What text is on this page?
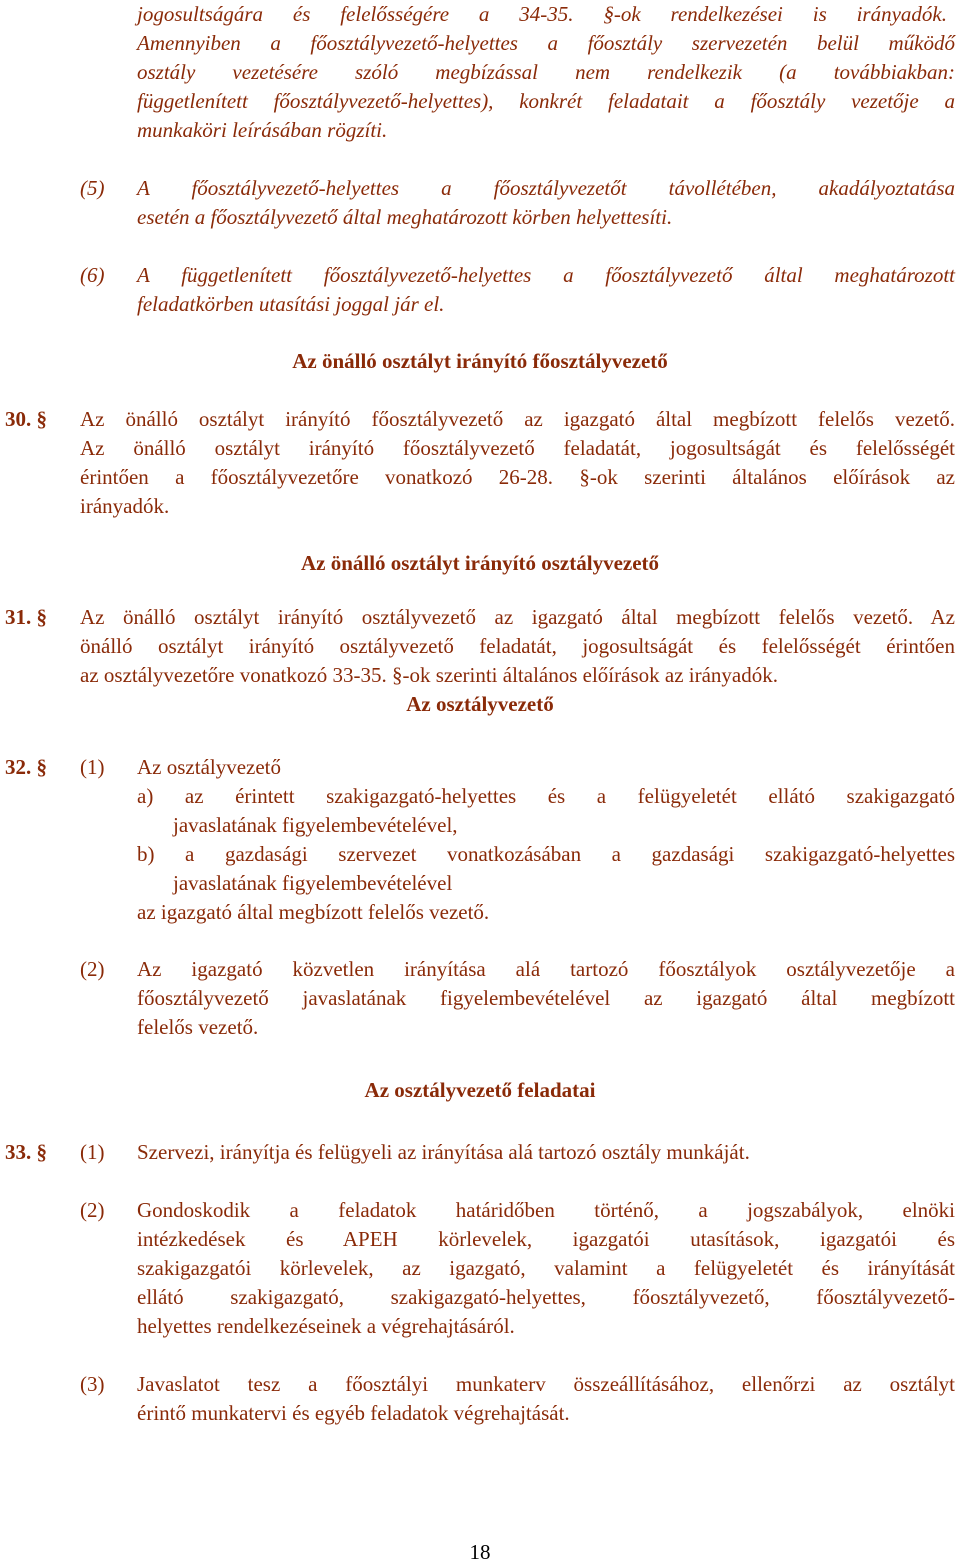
jogosultságára és felelősségére a 34-35. §-ok rendelkezései is irányadók.
Amennyiben a főosztályvezető-helyettes a főosztály szervezetén belül működő
osztály vezetésére szóló megbízással nem rendelkezik (a továbbiakban:
függetlenített főosztályvezető-helyettes), konkrét feladatait a főosztály vezetője a
munkaköri leírásában rögzíti.
(5) A főosztályvezető-helyettes a főosztályvezetőt távollétében, akadályoztatása
esetén a főosztályvezető által meghatározott körben helyettesíti.
(6) A függetlenített főosztályvezető-helyettes a főosztályvezető által meghatározott
feladatkörben utasítási joggal jár el.
Az önálló osztályt irányító főosztályvezető
30. § Az önálló osztályt irányító főosztályvezető az igazgató által megbízott felelős vezető.
Az önálló osztályt irányító főosztályvezető feladatát, jogosultságát és felelősségét
érintően a főosztályvezetőre vonatkozó 26-28. §-ok szerinti általános előírások az
irányadók.
Az önálló osztályt irányító osztályvezető
31. § Az önálló osztályt irányító osztályvezető az igazgató által megbízott felelős vezető. Az
önálló osztályt irányító osztályvezető feladatát, jogosultságát és felelősségét érintően
az osztályvezetőre vonatkozó 33-35. §-ok szerinti általános előírások az irányadók.
Az osztályvezető
32. § (1) Az osztályvezető
a) az érintett szakigazgató-helyettes és a felügyeletét ellátó szakigazgató
javaslatának figyelembevételével,
b) a gazdasági szervezet vonatkozásában a gazdasági szakigazgató-helyettes
javaslatának figyelembevételével
az igazgató által megbízott felelős vezető.
(2) Az igazgató közvetlen irányítása alá tartozó főosztályok osztályvezetője a
főosztályvezető javaslatának figyelembevételével az igazgató által megbízott
felelős vezető.
Az osztályvezető feladatai
33. § (1) Szervezi, irányítja és felügyeli az irányítása alá tartozó osztály munkáját.
(2) Gondoskodik a feladatok határidőben történő, a jogszabályok, elnöki
intézkedések és APEH körlevelek, igazgatói utasítások, igazgatói és
szakigazgatói körlevelek, az igazgató, valamint a felügyeletét és irányítását
ellátó szakigazgató, szakigazgató-helyettes, főosztályvezető, főosztályvezető-
helyettes rendelkezéseinek a végrehajtásáról.
(3) Javaslatot tesz a főosztályi munkaterv összeállításához, ellenőrzi az osztályt
érintő munkatervi és egyéb feladatok végrehajtását.
18
